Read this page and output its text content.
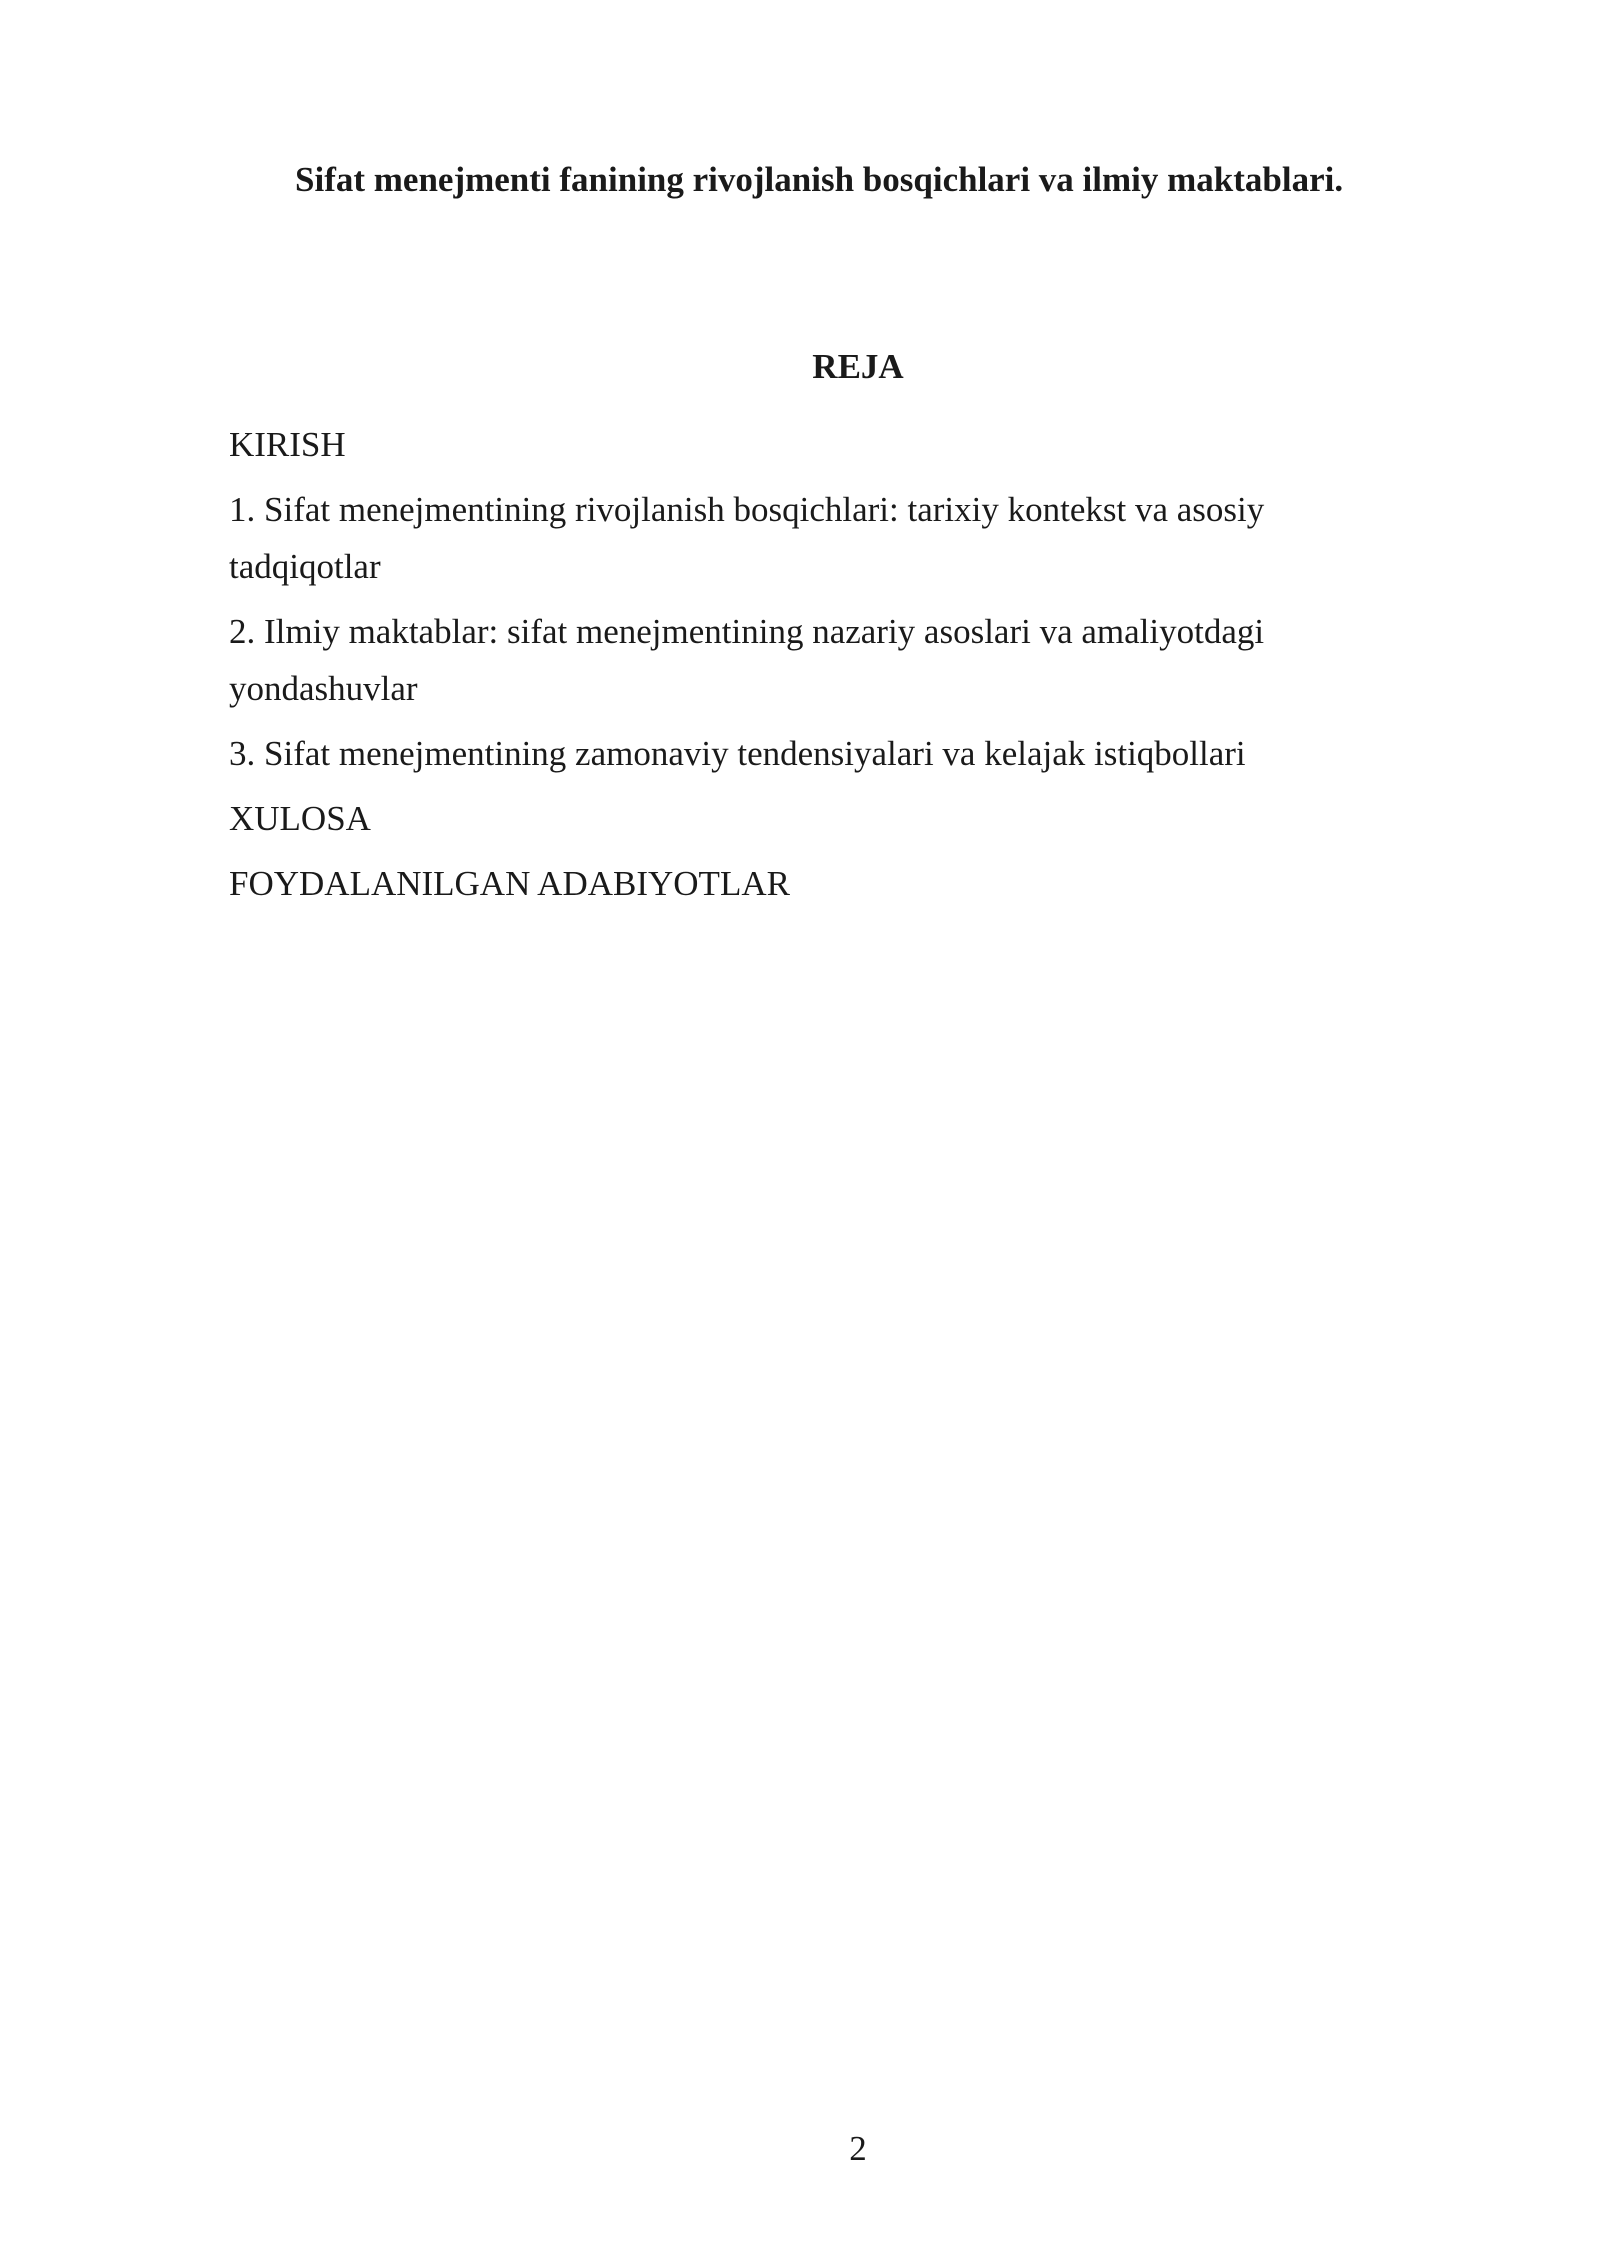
Sifat menejmenti fanining rivojlanish bosqichlari va ilmiy maktablari.
REJA
KIRISH
1. Sifat menejmentining rivojlanish bosqichlari: tarixiy kontekst va asosiy tadqiqotlar
2. Ilmiy maktablar: sifat menejmentining nazariy asoslari va amaliyotdagi yondashuvlar
3. Sifat menejmentining zamonaviy tendensiyalari va kelajak istiqbollari
XULOSA
FOYDALANILGAN ADABIYOTLAR
2
